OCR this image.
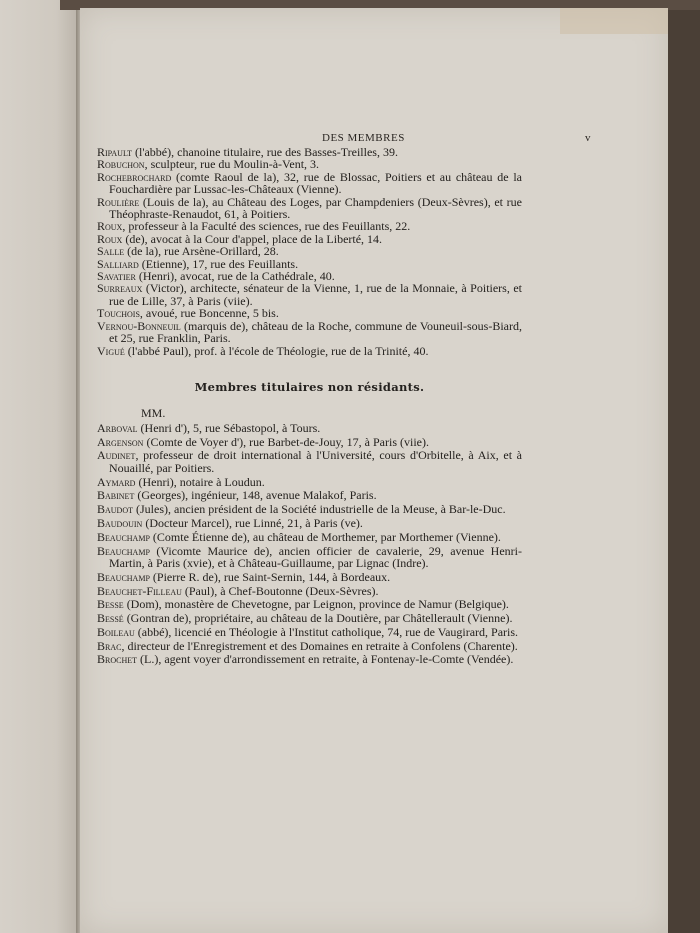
DES MEMBRES	v

Ripault (l'abbé), chanoine titulaire, rue des Basses-Treilles, 39.

Robuchon, sculpteur, rue du Moulin-à-Vent, 3.

Rochebrochard (comte Raoul de la), 32, rue de Blossac, Poitiers et au château de la Fouchardière par Lussac-les-Châteaux (Vienne).

Roulière (Louis de la), au Château des Loges, par Champdeniers (Deux-Sèvres), et rue Théophraste-Renaudot, 61, à Poitiers.

Roux, professeur à la Faculté des sciences, rue des Feuillants, 22.

Roux (de), avocat à la Cour d'appel, place de la Liberté, 14.

Salle (de la), rue Arsène-Orillard, 28.

Salliard (Etienne), 17, rue des Feuillants.

Savatier (Henri), avocat, rue de la Cathédrale, 40.

Surreaux (Victor), architecte, sénateur de la Vienne, 1, rue de la Monnaie, à Poitiers, et rue de Lille, 37, à Paris (viie).

Touchois, avoué, rue Boncenne, 5 bis.

Vernou-Bonneuil (marquis de), château de la Roche, commune de Vouneuil-sous-Biard, et 25, rue Franklin, Paris.

Vigué (l'abbé Paul), prof. à l'école de Théologie, rue de la Trinité, 40.

Membres titulaires non résidants.
MM.

Arboval (Henri d'), 5, rue Sébastopol, à Tours.

Argenson (Comte de Voyer d'), rue Barbet-de-Jouy, 17, à Paris (viie).

Audinet, professeur de droit international à l'Université, cours d'Orbitelle, à Aix, et à Nouaillé, par Poitiers.

Aymard (Henri), notaire à Loudun.

Babinet (Georges), ingénieur, 148, avenue Malakof, Paris.

Baudot (Jules), ancien président de la Société industrielle de la Meuse, à Bar-le-Duc.

Baudouin (Docteur Marcel), rue Linné, 21, à Paris (ve).

Beauchamp (Comte Étienne de), au château de Morthemer, par Morthemer (Vienne).

Beauchamp (Vicomte Maurice de), ancien officier de cavalerie, 29, avenue Henri-Martin, à Paris (xvie), et à Château-Guillaume, par Lignac (Indre).

Beauchamp (Pierre R. de), rue Saint-Sernin, 144, à Bordeaux.

Beauchet-Filleau (Paul), à Chef-Boutonne (Deux-Sèvres).

Besse (Dom), monastère de Chevetogne, par Leignon, province de Namur (Belgique).

Bessé (Gontran de), propriétaire, au château de la Doutière, par Châtellerault (Vienne).

Boileau (abbé), licencié en Théologie à l'Institut catholique, 74, rue de Vaugirard, Paris.

Brac, directeur de l'Enregistrement et des Domaines en retraite à Confolens (Charente).

Brochet (L.), agent voyer d'arrondissement en retraite, à Fontenay-le-Comte (Vendée).
